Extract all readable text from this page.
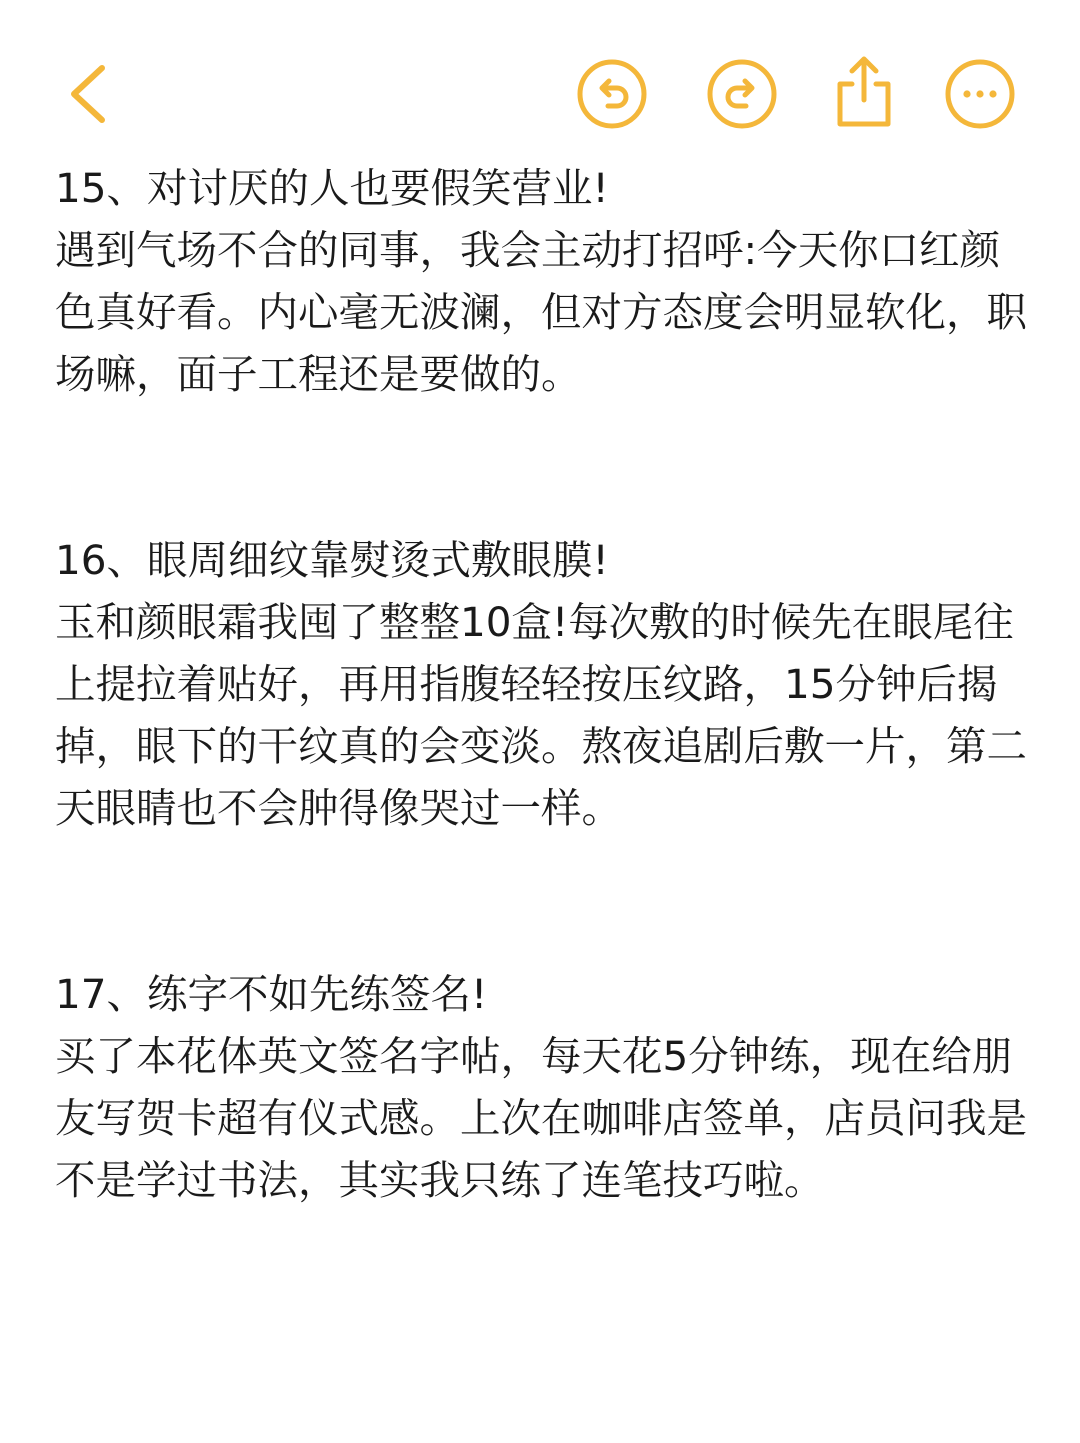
15、对讨厌的人也要假笑营业!

遇到气场不合的同事，我会主动打招呼:今天你口红颜色真好看。内心毫无波澜，但对方态度会明显软化，职场嘛，面子工程还是要做的。

16、眼周细纹靠熨烫式敷眼膜!

玉和颜眼霜我囤了整整10盒!每次敷的时候先在眼尾往上提拉着贴好，再用指腹轻轻按压纹路，15分钟后揭掉，眼下的干纹真的会变淡。熬夜追剧后敷一片，第二天眼睛也不会肿得像哭过一样。

17、练字不如先练签名!

买了本花体英文签名字帖，每天花5分钟练，现在给朋友写贺卡超有仪式感。上次在咖啡店签单，店员问我是不是学过书法，其实我只练了连笔技巧啦。
